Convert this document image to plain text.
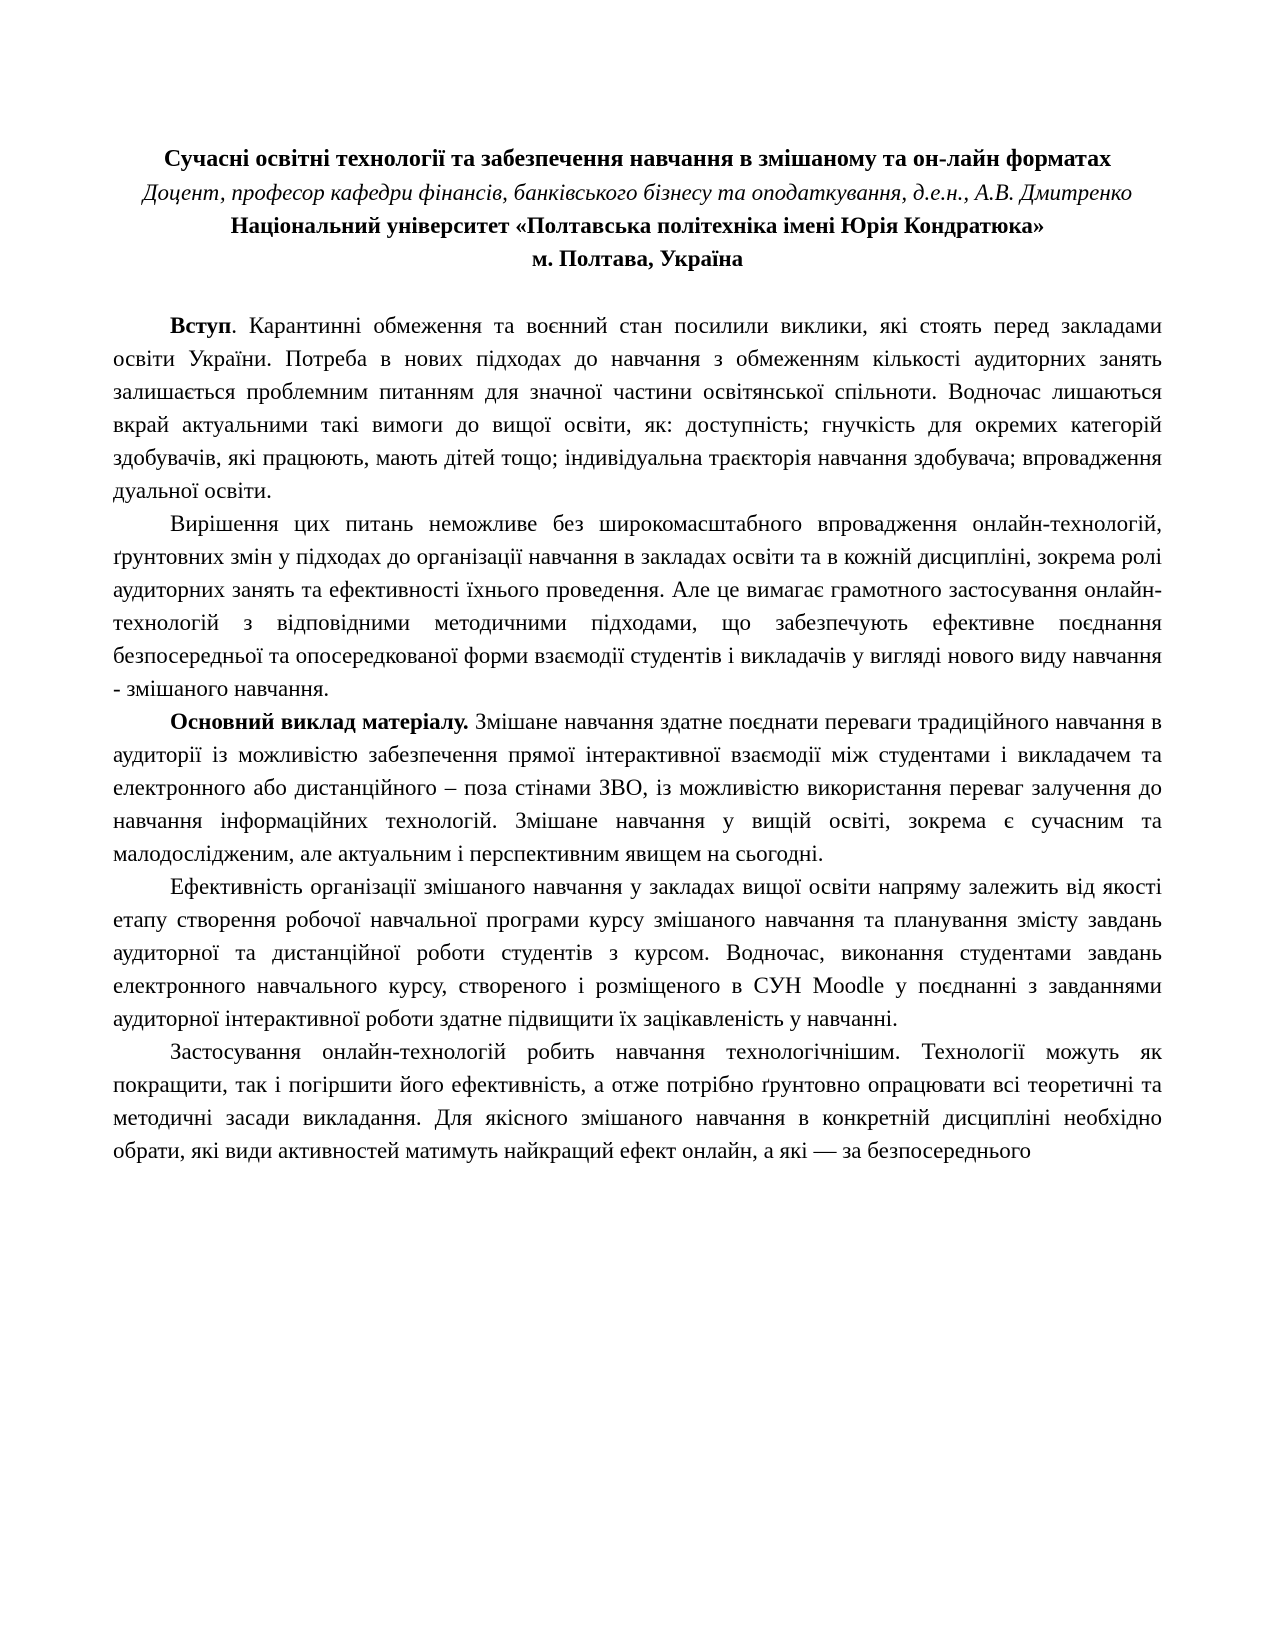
Сучасні освітні технології та забезпечення навчання в змішаному та он-лайн форматах

Доцент, професор кафедри фінансів, банківського бізнесу та оподаткування, д.е.н., А.В. Дмитренко

Національний університет «Полтавська політехніка імені Юрія Кондратюка»
м. Полтава, Україна

Вступ. Карантинні обмеження та воєнний стан посилили виклики, які стоять перед закладами освіти України. Потреба в нових підходах до навчання з обмеженням кількості аудиторних занять залишається проблемним питанням для значної частини освітянської спільноти. Водночас лишаються вкрай актуальними такі вимоги до вищої освіти, як: доступність; гнучкість для окремих категорій здобувачів, які працюють, мають дітей тощо; індивідуальна траєкторія навчання здобувача; впровадження дуальної освіти.

Вирішення цих питань неможливе без широкомасштабного впровадження онлайн-технологій, ґрунтовних змін у підходах до організації навчання в закладах освіти та в кожній дисципліні, зокрема ролі аудиторних занять та ефективності їхнього проведення. Але це вимагає грамотного застосування онлайн-технологій з відповідними методичними підходами, що забезпечують ефективне поєднання безпосередньої та опосередкованої форми взаємодії студентів і викладачів у вигляді нового виду навчання - змішаного навчання.

Основний виклад матеріалу. Змішане навчання здатне поєднати переваги традиційного навчання в аудиторії із можливістю забезпечення прямої інтерактивної взаємодії між студентами і викладачем та електронного або дистанційного – поза стінами ЗВО, із можливістю використання переваг залучення до навчання інформаційних технологій. Змішане навчання у вищій освіті, зокрема є сучасним та малодослідженим, але актуальним і перспективним явищем на сьогодні.

Ефективність організації змішаного навчання у закладах вищої освіти напряму залежить від якості етапу створення робочої навчальної програми курсу змішаного навчання та планування змісту завдань аудиторної та дистанційної роботи студентів з курсом. Водночас, виконання студентами завдань електронного навчального курсу, створеного і розміщеного в СУН Moodle у поєднанні з завданнями аудиторної інтерактивної роботи здатне підвищити їх зацікавленість у навчанні.

Застосування онлайн-технологій робить навчання технологічнішим. Технології можуть як покращити, так і погіршити його ефективність, а отже потрібно ґрунтовно опрацювати всі теоретичні та методичні засади викладання. Для якісного змішаного навчання в конкретній дисципліні необхідно обрати, які види активностей матимуть найкращий ефект онлайн, а які — за безпосереднього
